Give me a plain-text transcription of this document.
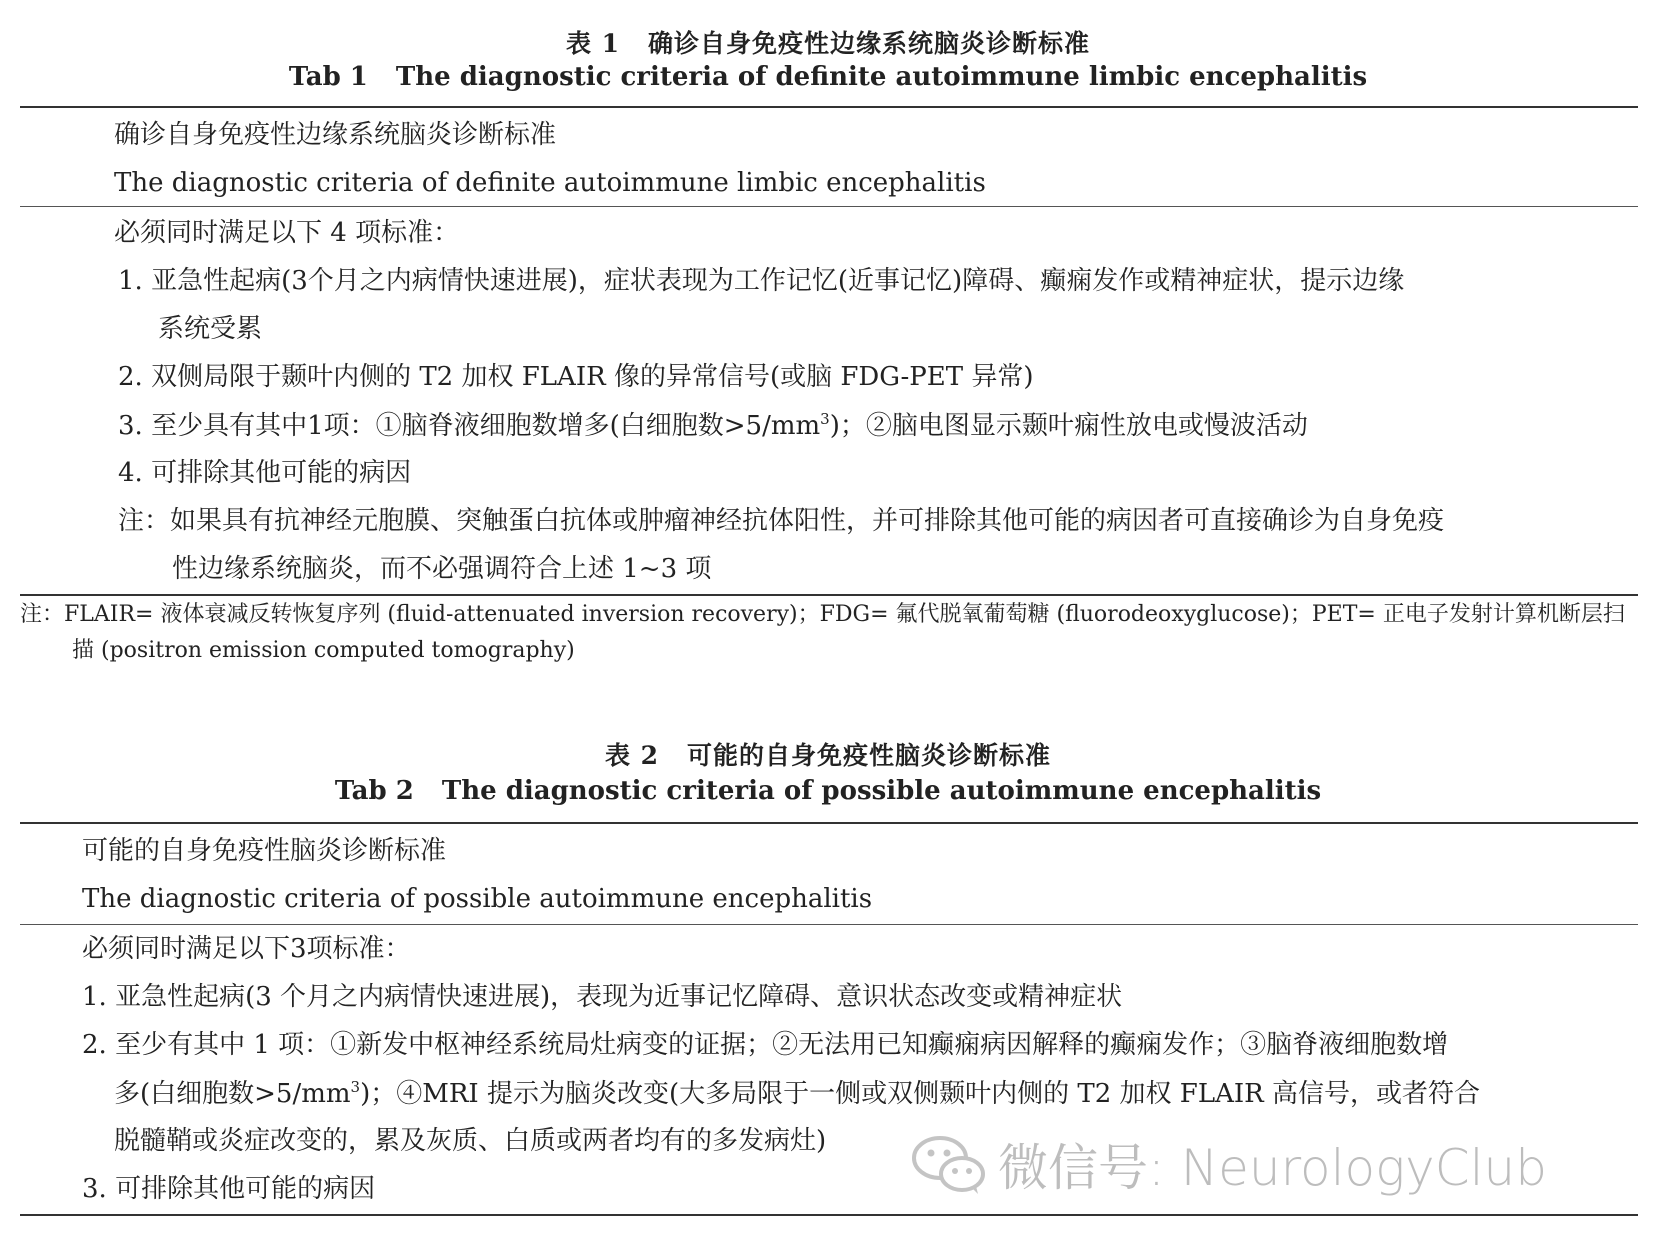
表 1 确诊自身免疫性边缘系统脑炎诊断标准
Tab 1 The diagnostic criteria of definite autoimmune limbic encephalitis
确诊自身免疫性边缘系统脑炎诊断标准
The diagnostic criteria of definite autoimmune limbic encephalitis
必须同时满足以下 4 项标准：
1. 亚急性起病(3个月之内病情快速进展)，症状表现为工作记忆(近事记忆)障碍、癫痫发作或精神症状，提示边缘
系统受累
2. 双侧局限于颞叶内侧的 T2 加权 FLAIR 像的异常信号(或脑 FDG-PET 异常)
3. 至少具有其中1项：①脑脊液细胞数增多(白细胞数$>5/mm^3$)；②脑电图显示颞叶痫性放电或慢波活动
4. 可排除其他可能的病因
注：如果具有抗神经元胞膜、突触蛋白抗体或肿瘤神经抗体阳性，并可排除其他可能的病因者可直接确诊为自身免疫
性边缘系统脑炎，而不必强调符合上述 1~3 项
注：FLAIR= 液体衰减反转恢复序列 (fluid-attenuated inversion recovery)；FDG= 氟代脱氧葡萄糖 (fluorodeoxyglucose)；PET= 正电子发射计算机断层扫
描 (positron emission computed tomography)
表 2 可能的自身免疫性脑炎诊断标准
Tab 2 The diagnostic criteria of possible autoimmune encephalitis
可能的自身免疫性脑炎诊断标准
The diagnostic criteria of possible autoimmune encephalitis
必须同时满足以下3项标准：
1. 亚急性起病(3 个月之内病情快速进展)，表现为近事记忆障碍、意识状态改变或精神症状
2. 至少有其中 1 项：①新发中枢神经系统局灶病变的证据；②无法用已知癫痫病因解释的癫痫发作；③脑脊液细胞数增
多(白细胞数$>5/mm^3$)；④MRI 提示为脑炎改变(大多局限于一侧或双侧颞叶内侧的 T2 加权 FLAIR 高信号，或者符合
脱髓鞘或炎症改变的，累及灰质、白质或两者均有的多发病灶)
3. 可排除其他可能的病因	微信号: NeurologyClub
